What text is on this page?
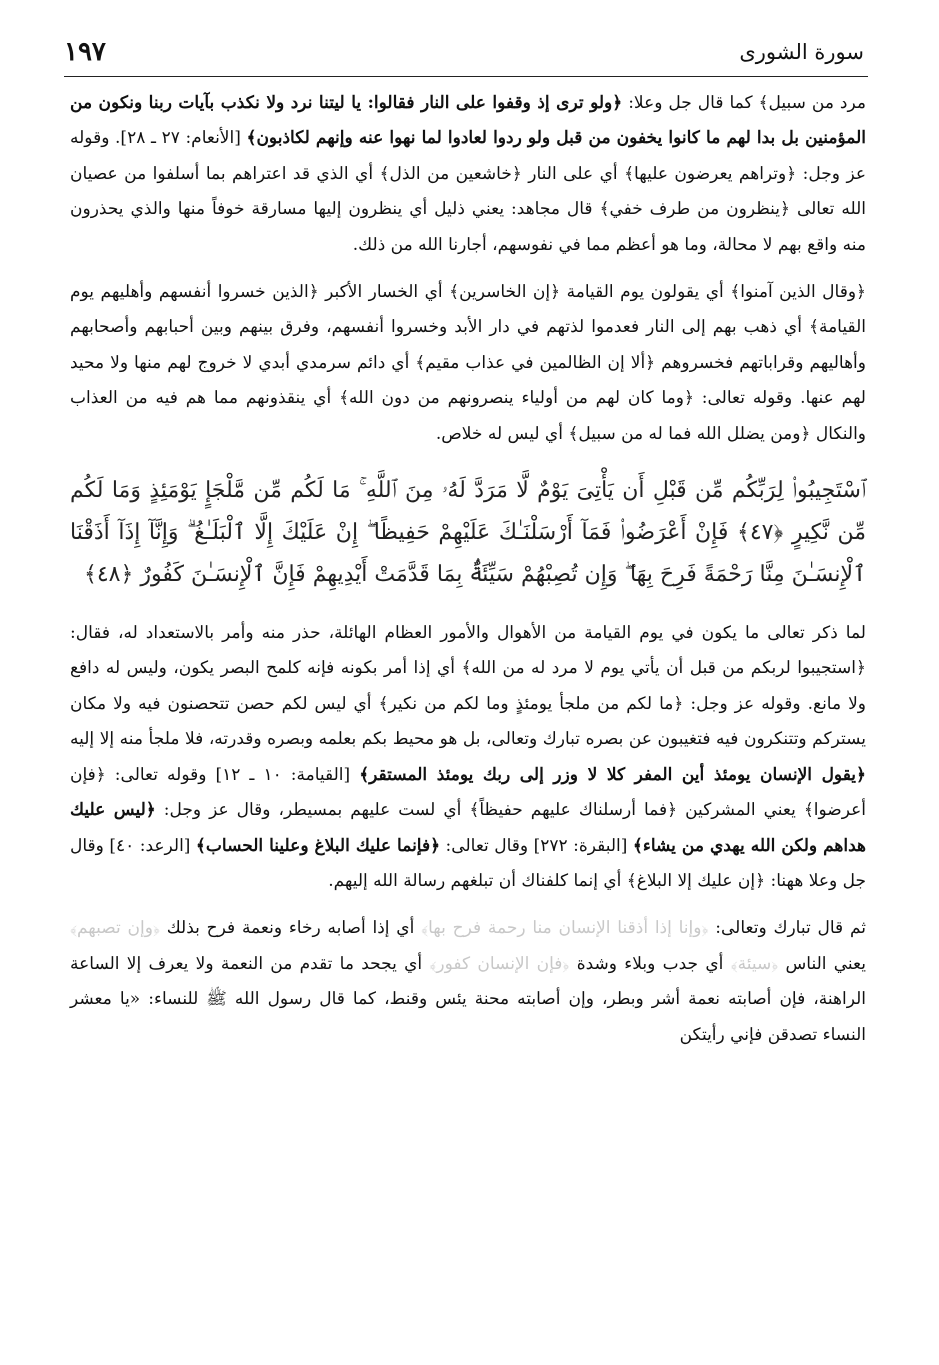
١٩٧	سورة الشورى

مرد من سبيل﴾ كما قال جل وعلا: ﴿ولو ترى إذ وقفوا على النار فقالوا: يا ليتنا نرد ولا نكذب بآيات ربنا ونكون من المؤمنين بل بدا لهم ما كانوا يخفون من قبل ولو ردوا لعادوا لما نهوا عنه وإنهم لكاذبون﴾ [الأنعام: ٢٧ ـ ٢٨]. وقوله عز وجل: ﴿وتراهم يعرضون عليها﴾ أي على النار ﴿خاشعين من الذل﴾ أي الذي قد اعتراهم بما أسلفوا من عصيان الله تعالى ﴿ينظرون من طرف خفي﴾ قال مجاهد: يعني ذليل أي ينظرون إليها مسارقة خوفاً منها والذي يحذرون منه واقع بهم لا محالة، وما هو أعظم مما في نفوسهم، أجارنا الله من ذلك.

﴿وقال الذين آمنوا﴾ أي يقولون يوم القيامة ﴿إن الخاسرين﴾ أي الخسار الأكبر ﴿الذين خسروا أنفسهم وأهليهم يوم القيامة﴾ أي ذهب بهم إلى النار فعدموا لذتهم في دار الأبد وخسروا أنفسهم، وفرق بينهم وبين أحبابهم وأصحابهم وأهاليهم وقراباتهم فخسروهم ﴿ألا إن الظالمين في عذاب مقيم﴾ أي دائم سرمدي أبدي لا خروج لهم منها ولا محيد لهم عنها. وقوله تعالى: ﴿وما كان لهم من أولياء ينصرونهم من دون الله﴾ أي ينقذونهم مما هم فيه من العذاب والنكال ﴿ومن يضلل الله فما له من سبيل﴾ أي ليس له خلاص.

ٱسْتَجِيبُوا۟ لِرَبِّكُم مِّن قَبْلِ أَن يَأْتِىَ يَوْمٌ لَّا مَرَدَّ لَهُۥ مِنَ ٱللَّهِ ۚ مَا لَكُم مِّن مَّلْجَإٍ يَوْمَئِذٍ وَمَا لَكُم مِّن نَّكِيرٍ ﴿٤٧﴾ فَإِنْ أَعْرَضُوا۟ فَمَآ أَرْسَلْنَـٰكَ عَلَيْهِمْ حَفِيظًا ۖ إِنْ عَلَيْكَ إِلَّا ٱلْبَلَـٰغُ ۗ وَإِنَّآ إِذَآ أَذَقْنَا ٱلْإِنسَـٰنَ مِنَّا رَحْمَةً فَرِحَ بِهَا ۖ وَإِن تُصِبْهُمْ سَيِّئَةٌۢ بِمَا قَدَّمَتْ أَيْدِيهِمْ فَإِنَّ ٱلْإِنسَـٰنَ كَفُورٌ ﴿٤٨﴾

لما ذكر تعالى ما يكون في يوم القيامة من الأهوال والأمور العظام الهائلة، حذر منه وأمر بالاستعداد له، فقال: ﴿استجيبوا لربكم من قبل أن يأتي يوم لا مرد له من الله﴾ أي إذا أمر بكونه فإنه كلمح البصر يكون، وليس له دافع ولا مانع. وقوله عز وجل: ﴿ما لكم من ملجأ يومئذٍ وما لكم من نكير﴾ أي ليس لكم حصن تتحصنون فيه ولا مكان يستركم وتتنكرون فيه فتغيبون عن بصره تبارك وتعالى، بل هو محيط بكم بعلمه وبصره وقدرته، فلا ملجأ منه إلا إليه ﴿يقول الإنسان يومئذ أين المفر كلا لا وزر إلى ربك يومئذ المستقر﴾ [القيامة: ١٠ ـ ١٢] وقوله تعالى: ﴿فإن أعرضوا﴾ يعني المشركين ﴿فما أرسلناك عليهم حفيظاً﴾ أي لست عليهم بمسيطر، وقال عز وجل: ﴿ليس عليك هداهم ولكن الله يهدي من يشاء﴾ [البقرة: ٢٧٢] وقال تعالى: ﴿فإنما عليك البلاغ وعلينا الحساب﴾ [الرعد: ٤٠] وقال جل وعلا ههنا: ﴿إن عليك إلا البلاغ﴾ أي إنما كلفناك أن تبلغهم رسالة الله إليهم.

ثم قال تبارك وتعالى: ﴿وإنا إذا أذقنا الإنسان منا رحمة فرح بها﴾ أي إذا أصابه رخاء ونعمة فرح بذلك ﴿وإن تصبهم﴾ يعني الناس ﴿سيئة﴾ أي جدب وبلاء وشدة ﴿فإن الإنسان كفور﴾ أي يجحد ما تقدم من النعمة ولا يعرف إلا الساعة الراهنة، فإن أصابته نعمة أشر وبطر، وإن أصابته محنة يئس وقنط، كما قال رسول الله ﷺ للنساء: «يا معشر النساء تصدقن فإني رأيتكن
